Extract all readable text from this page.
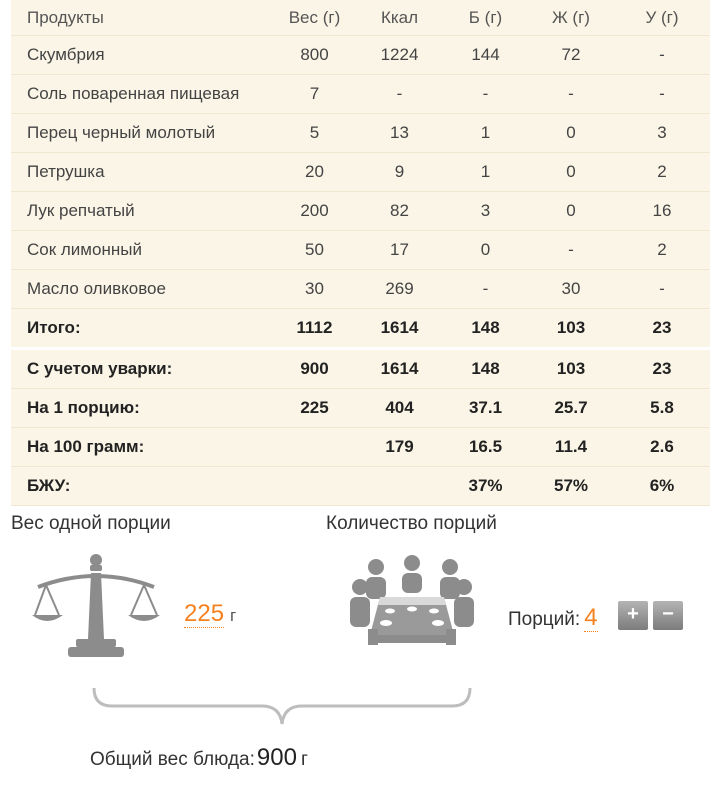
Продукты	Вес (г)	Ккал	Б (г)	Ж (г)	У (г)
Скумбрия	800	1224	144	72	-
Соль поваренная пищевая	7	-	-	-	-
Перец черный молотый	5	13	1	0	3
Петрушка	20	9	1	0	2
Лук репчатый	200	82	3	0	16
Сок лимонный	50	17	0	-	2
Масло оливковое	30	269	-	30	-
Итого:	1112	1614	148	103	23
С учетом уварки:	900	1614	148	103	23
На 1 порцию:	225	404	37.1	25.7	5.8
На 100 грамм:		179	16.5	11.4	2.6
БЖУ:			37%	57%	6%
Вес одной порции	Количество порций
225 г	Порций: 4	+	−
Общий вес блюда:900 г
